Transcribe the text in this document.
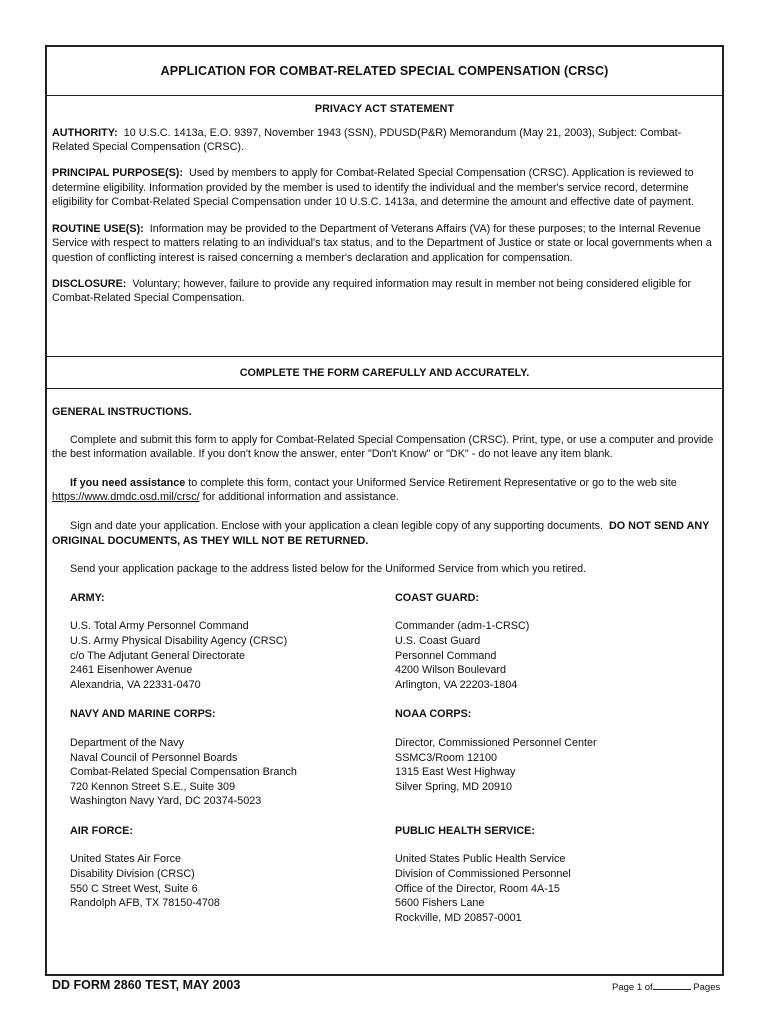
APPLICATION FOR COMBAT-RELATED SPECIAL COMPENSATION (CRSC)
PRIVACY ACT STATEMENT

AUTHORITY: 10 U.S.C. 1413a, E.O. 9397, November 1943 (SSN), PDUSD(P&R) Memorandum (May 21, 2003), Subject: Combat-Related Special Compensation (CRSC).

PRINCIPAL PURPOSE(S): Used by members to apply for Combat-Related Special Compensation (CRSC). Application is reviewed to determine eligibility. Information provided by the member is used to identify the individual and the member's service record, determine eligibility for Combat-Related Special Compensation under 10 U.S.C. 1413a, and determine the amount and effective date of payment.

ROUTINE USE(S): Information may be provided to the Department of Veterans Affairs (VA) for these purposes; to the Internal Revenue Service with respect to matters relating to an individual's tax status, and to the Department of Justice or state or local governments when a question of conflicting interest is raised concerning a member's declaration and application for compensation.

DISCLOSURE: Voluntary; however, failure to provide any required information may result in member not being considered eligible for Combat-Related Special Compensation.

COMPLETE THE FORM CAREFULLY AND ACCURATELY.
GENERAL INSTRUCTIONS.

Complete and submit this form to apply for Combat-Related Special Compensation (CRSC). Print, type, or use a computer and provide the best information available. If you don't know the answer, enter "Don't Know" or "DK" - do not leave any item blank.

If you need assistance to complete this form, contact your Uniformed Service Retirement Representative or go to the web site https://www.dmdc.osd.mil/crsc/ for additional information and assistance.

Sign and date your application. Enclose with your application a clean legible copy of any supporting documents. DO NOT SEND ANY ORIGINAL DOCUMENTS, AS THEY WILL NOT BE RETURNED.

Send your application package to the address listed below for the Uniformed Service from which you retired.

ARMY:
U.S. Total Army Personnel Command
U.S. Army Physical Disability Agency (CRSC)
c/o The Adjutant General Directorate
2461 Eisenhower Avenue
Alexandria, VA 22331-0470
COAST GUARD:
Commander (adm-1-CRSC)
U.S. Coast Guard
Personnel Command
4200 Wilson Boulevard
Arlington, VA 22203-1804
NAVY AND MARINE CORPS:
Department of the Navy
Naval Council of Personnel Boards
Combat-Related Special Compensation Branch
720 Kennon Street S.E., Suite 309
Washington Navy Yard, DC 20374-5023
NOAA CORPS:
Director, Commissioned Personnel Center
SSMC3/Room 12100
1315 East West Highway
Silver Spring, MD 20910
AIR FORCE:
United States Air Force
Disability Division (CRSC)
550 C Street West, Suite 6
Randolph AFB, TX 78150-4708
PUBLIC HEALTH SERVICE:
United States Public Health Service
Division of Commissioned Personnel
Office of the Director, Room 4A-15
5600 Fishers Lane
Rockville, MD 20857-0001
DD FORM 2860 TEST, MAY 2003	Page 1 of	Pages
